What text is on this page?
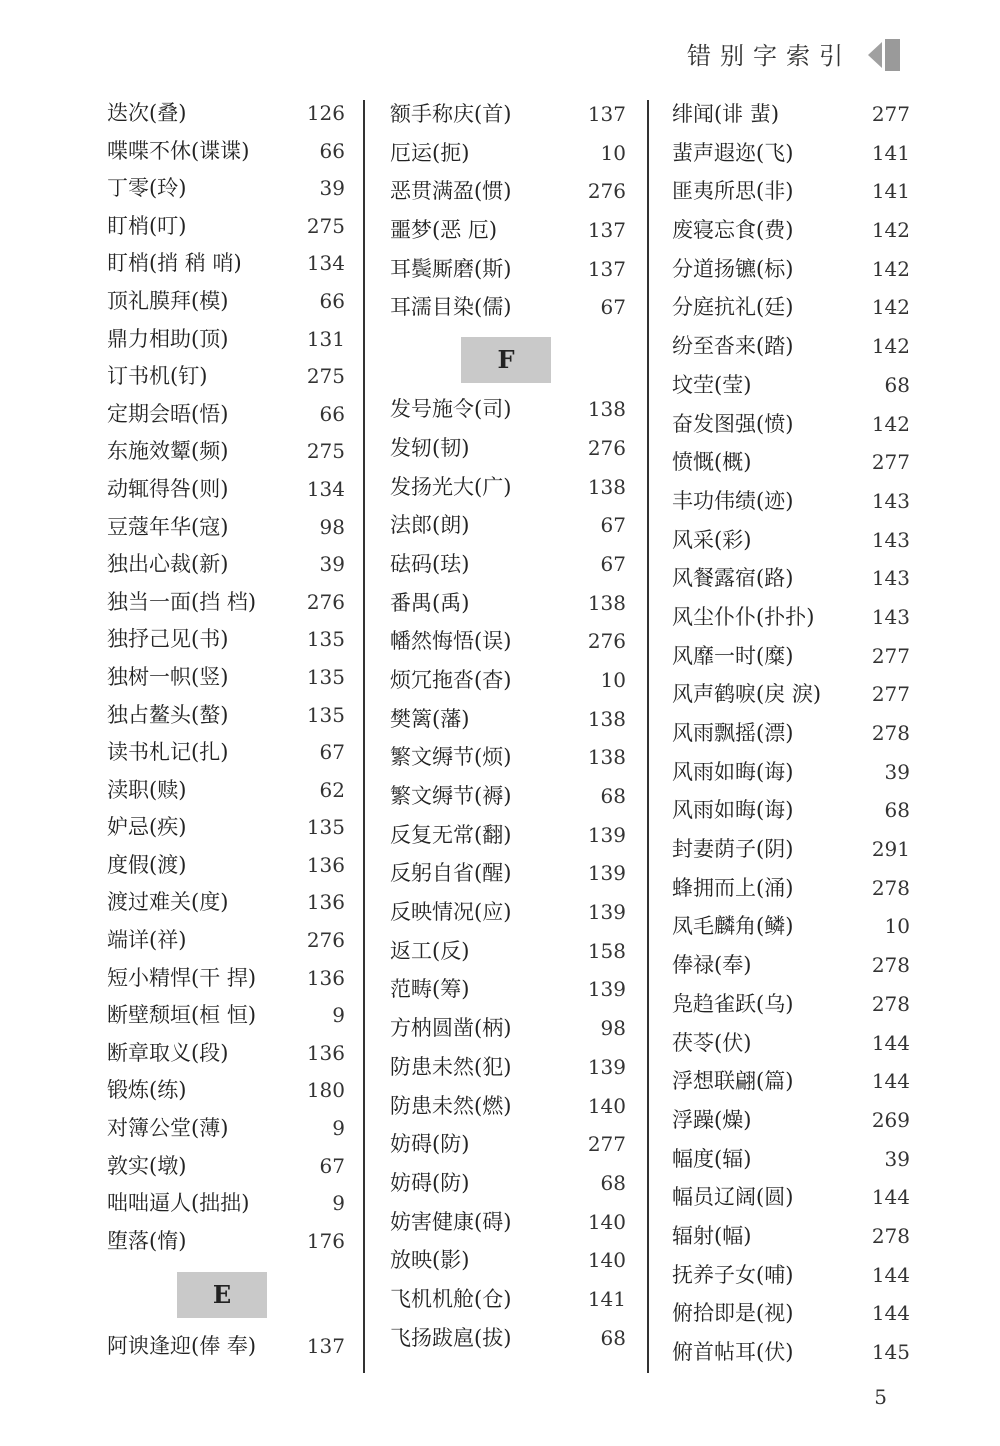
错别字索引
迭次(叠)	126
喋喋不休(谍谍)	66
丁零(玲)	39
盯梢(叮)	275
盯梢(捎 稍 哨)	134
顶礼膜拜(模)	66
鼎力相助(顶)	131
订书机(钉)	275
定期会晤(悟)	66
东施效颦(频)	275
动辄得咎(则)	134
豆蔻年华(寇)	98
独出心裁(新)	39
独当一面(挡 档)	276
独抒己见(书)	135
独树一帜(竖)	135
独占鳌头(螯)	135
读书札记(扎)	67
渎职(赎)	62
妒忌(疾)	135
度假(渡)	136
渡过难关(度)	136
端详(祥)	276
短小精悍(干 捍)	136
断壁颓垣(桓 恒)	9
断章取义(段)	136
锻炼(练)	180
对簿公堂(薄)	9
敦实(墩)	67
咄咄逼人(拙拙)	9
堕落(惰)	176
E
阿谀逢迎(俸 奉)	137
额手称庆(首)	137
厄运(扼)	10
恶贯满盈(惯)	276
噩梦(恶 厄)	137
耳鬓厮磨(斯)	137
耳濡目染(儒)	67
F
发号施令(司)	138
发轫(韧)	276
发扬光大(广)	138
法郎(朗)	67
砝码(珐)	67
番禺(禹)	138
幡然悔悟(误)	276
烦冗拖沓(杳)	10
樊篱(藩)	138
繁文缛节(烦)	138
繁文缛节(褥)	68
反复无常(翻)	139
反躬自省(醒)	139
反映情况(应)	139
返工(反)	158
范畴(筹)	139
方枘圆凿(柄)	98
防患未然(犯)	139
防患未然(燃)	140
妨碍(防)	277
妨碍(防)	68
妨害健康(碍)	140
放映(影)	140
飞机机舱(仓)	141
飞扬跋扈(拔)	68
绯闻(诽 蜚)	277
蜚声遐迩(飞)	141
匪夷所思(非)	141
废寝忘食(费)	142
分道扬镳(标)	142
分庭抗礼(廷)	142
纷至沓来(踏)	142
坟茔(莹)	68
奋发图强(愤)	142
愤慨(概)	277
丰功伟绩(迹)	143
风采(彩)	143
风餐露宿(路)	143
风尘仆仆(扑扑)	143
风靡一时(糜)	277
风声鹤唳(戾 淚)	277
风雨飘摇(漂)	278
风雨如晦(诲)	39
风雨如晦(诲)	68
封妻荫子(阴)	291
蜂拥而上(涌)	278
凤毛麟角(鳞)	10
俸禄(奉)	278
凫趋雀跃(乌)	278
茯苓(伏)	144
浮想联翩(篇)	144
浮躁(燥)	269
幅度(辐)	39
幅员辽阔(圆)	144
辐射(幅)	278
抚养子女(哺)	144
俯拾即是(视)	144
俯首帖耳(伏)	145
5
